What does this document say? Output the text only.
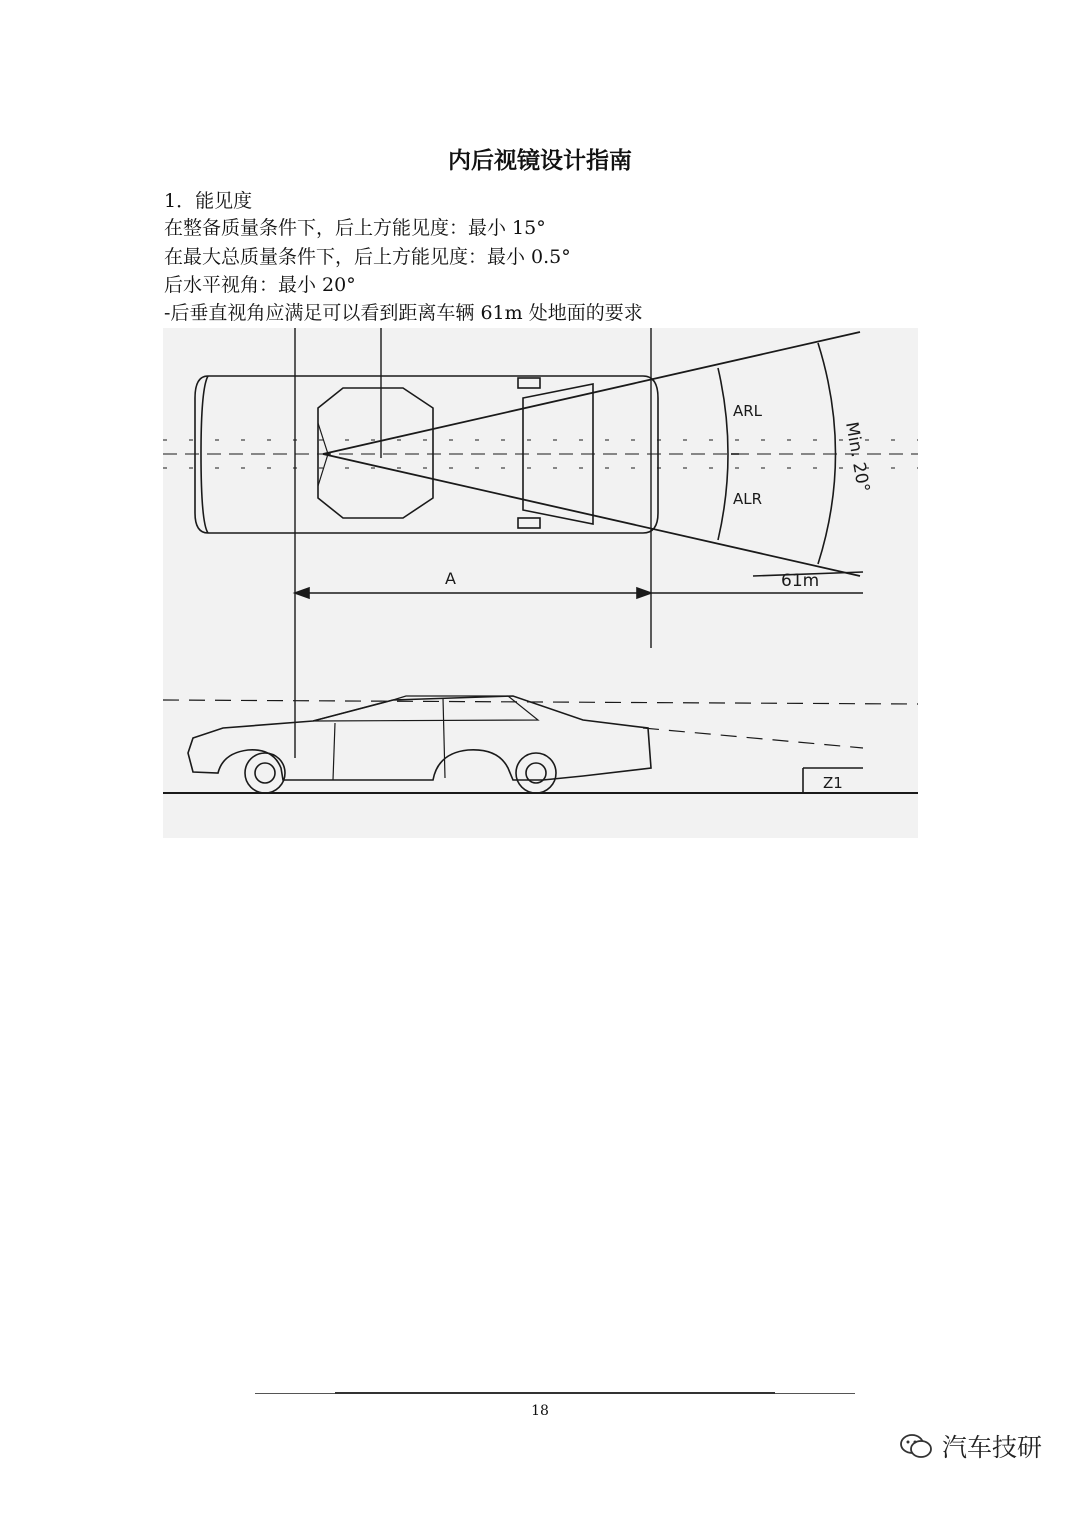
内后视镜设计指南
1．能见度
在整备质量条件下，后上方能见度：最小 15°
在最大总质量条件下，后上方能见度：最小 0.5°
后水平视角：最小 20°
-后垂直视角应满足可以看到距离车辆 61m 处地面的要求
ARL
ALR
Min. 20°
61m
A
Z1
18
汽车技研
